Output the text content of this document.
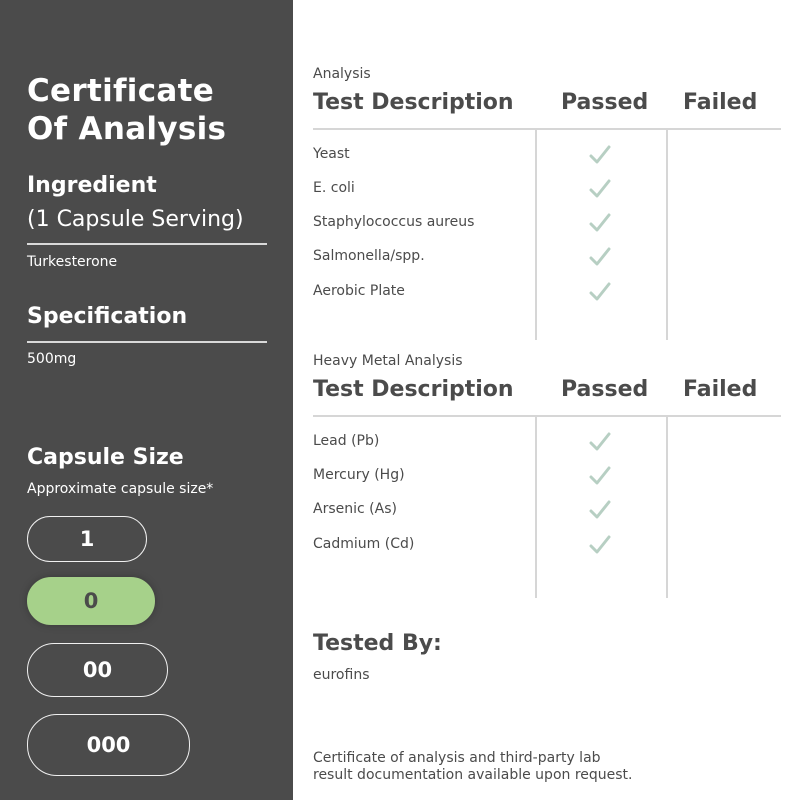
Certificate
Of Analysis
Ingredient
(1 Capsule Serving)
Turkesterone
Specification
500mg
Capsule Size
Approximate capsule size*
1
0
00
000
Analysis
Test Description Passed Failed
Yeast
E. coli
Staphylococcus aureus
Salmonella/spp.
Aerobic Plate
Heavy Metal Analysis
Test Description Passed Failed
Lead (Pb)
Mercury (Hg)
Arsenic (As)
Cadmium (Cd)
Tested By:
eurofins
Certificate of analysis and third-party lab
result documentation available upon request.
